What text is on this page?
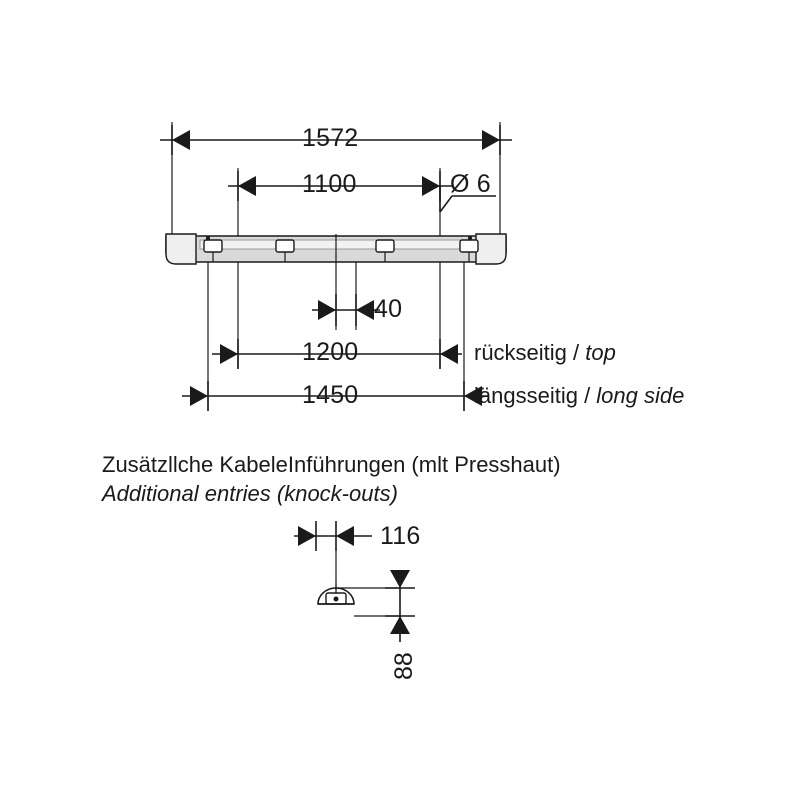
1572
1100	Ø 6
40
1200
1450
rückseitig / top
längsseitig / long side
Zusätzllche KabeleInführungen (mlt Presshaut)
Additional entries (knock-outs)
116
88
